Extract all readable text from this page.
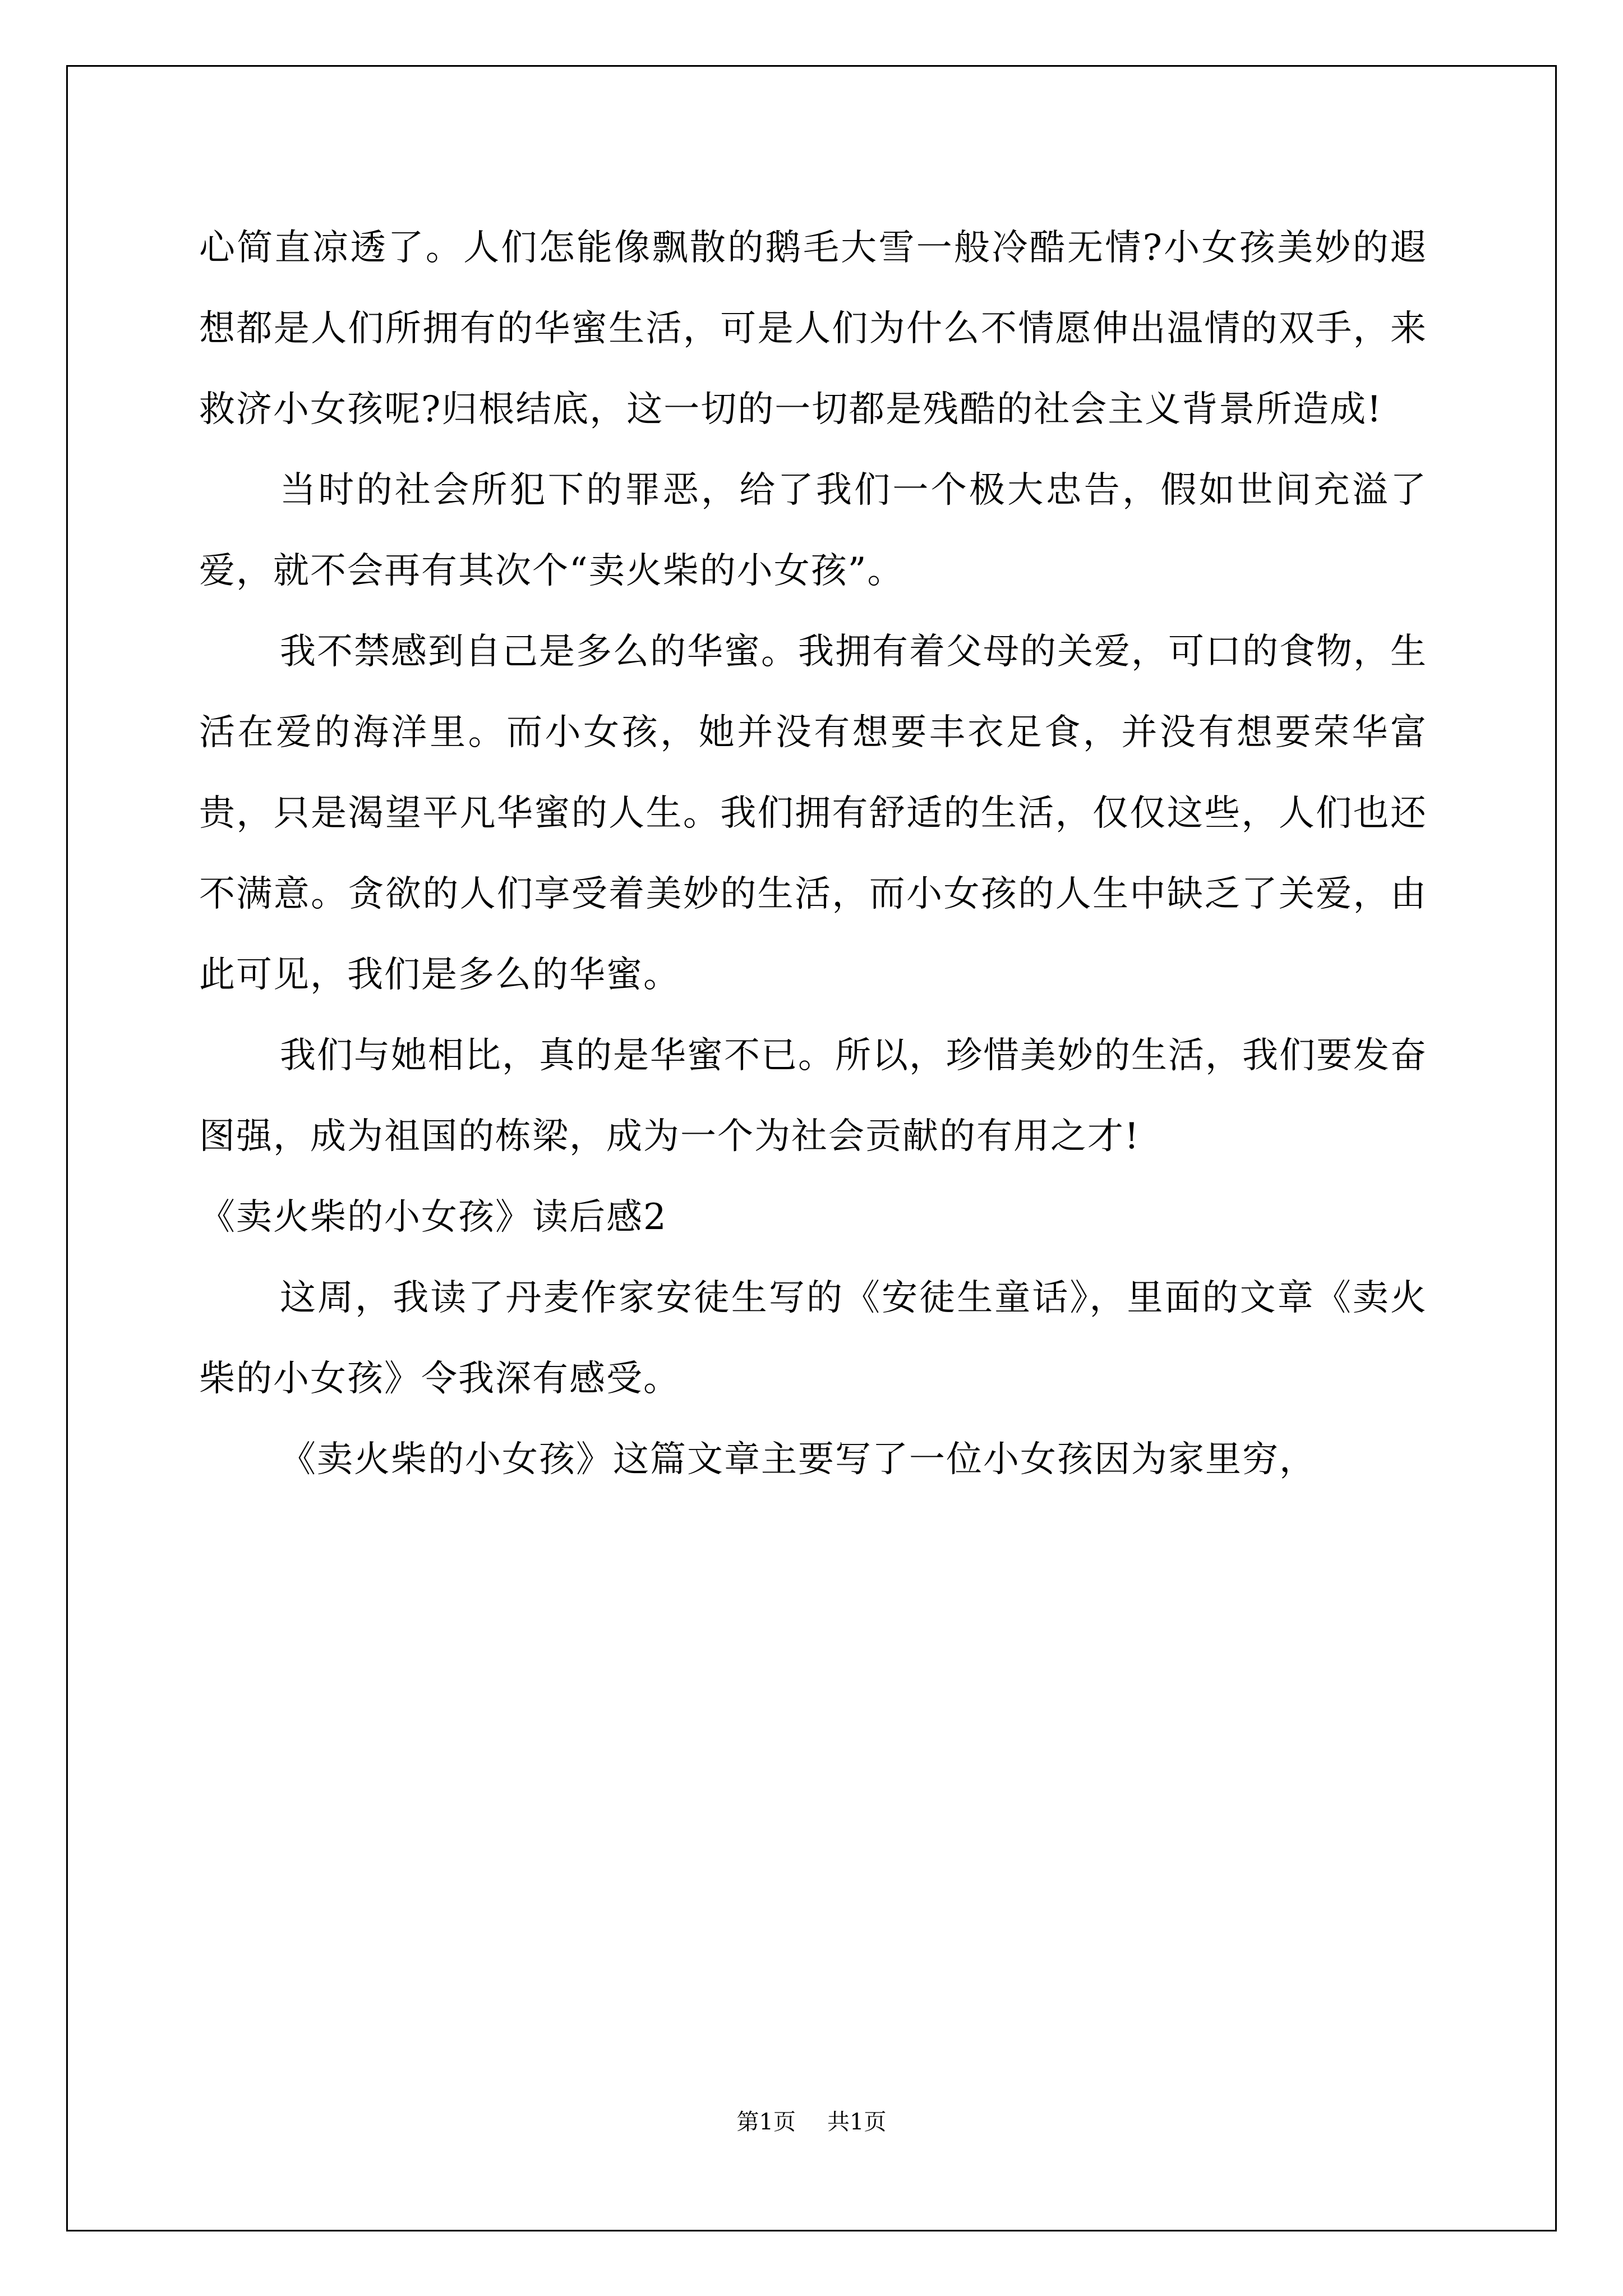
心简直凉透了。人们怎能像飘散的鹅毛大雪一般冷酷无情?小女孩美妙的遐想都是人们所拥有的华蜜生活，可是人们为什么不情愿伸出温情的双手，来救济小女孩呢?归根结底，这一切的一切都是残酷的社会主义背景所造成!

当时的社会所犯下的罪恶，给了我们一个极大忠告，假如世间充溢了爱，就不会再有其次个“卖火柴的小女孩”。

我不禁感到自己是多么的华蜜。我拥有着父母的关爱，可口的食物，生活在爱的海洋里。而小女孩，她并没有想要丰衣足食，并没有想要荣华富贵，只是渴望平凡华蜜的人生。我们拥有舒适的生活，仅仅这些，人们也还不满意。贪欲的人们享受着美妙的生活，而小女孩的人生中缺乏了关爱，由此可见，我们是多么的华蜜。

我们与她相比，真的是华蜜不已。所以，珍惜美妙的生活，我们要发奋图强，成为祖国的栋梁，成为一个为社会贡献的有用之才!

《卖火柴的小女孩》读后感2

这周，我读了丹麦作家安徒生写的《安徒生童话》，里面的文章《卖火柴的小女孩》令我深有感受。

《卖火柴的小女孩》这篇文章主要写了一位小女孩因为家里穷，

第1页 共1页
